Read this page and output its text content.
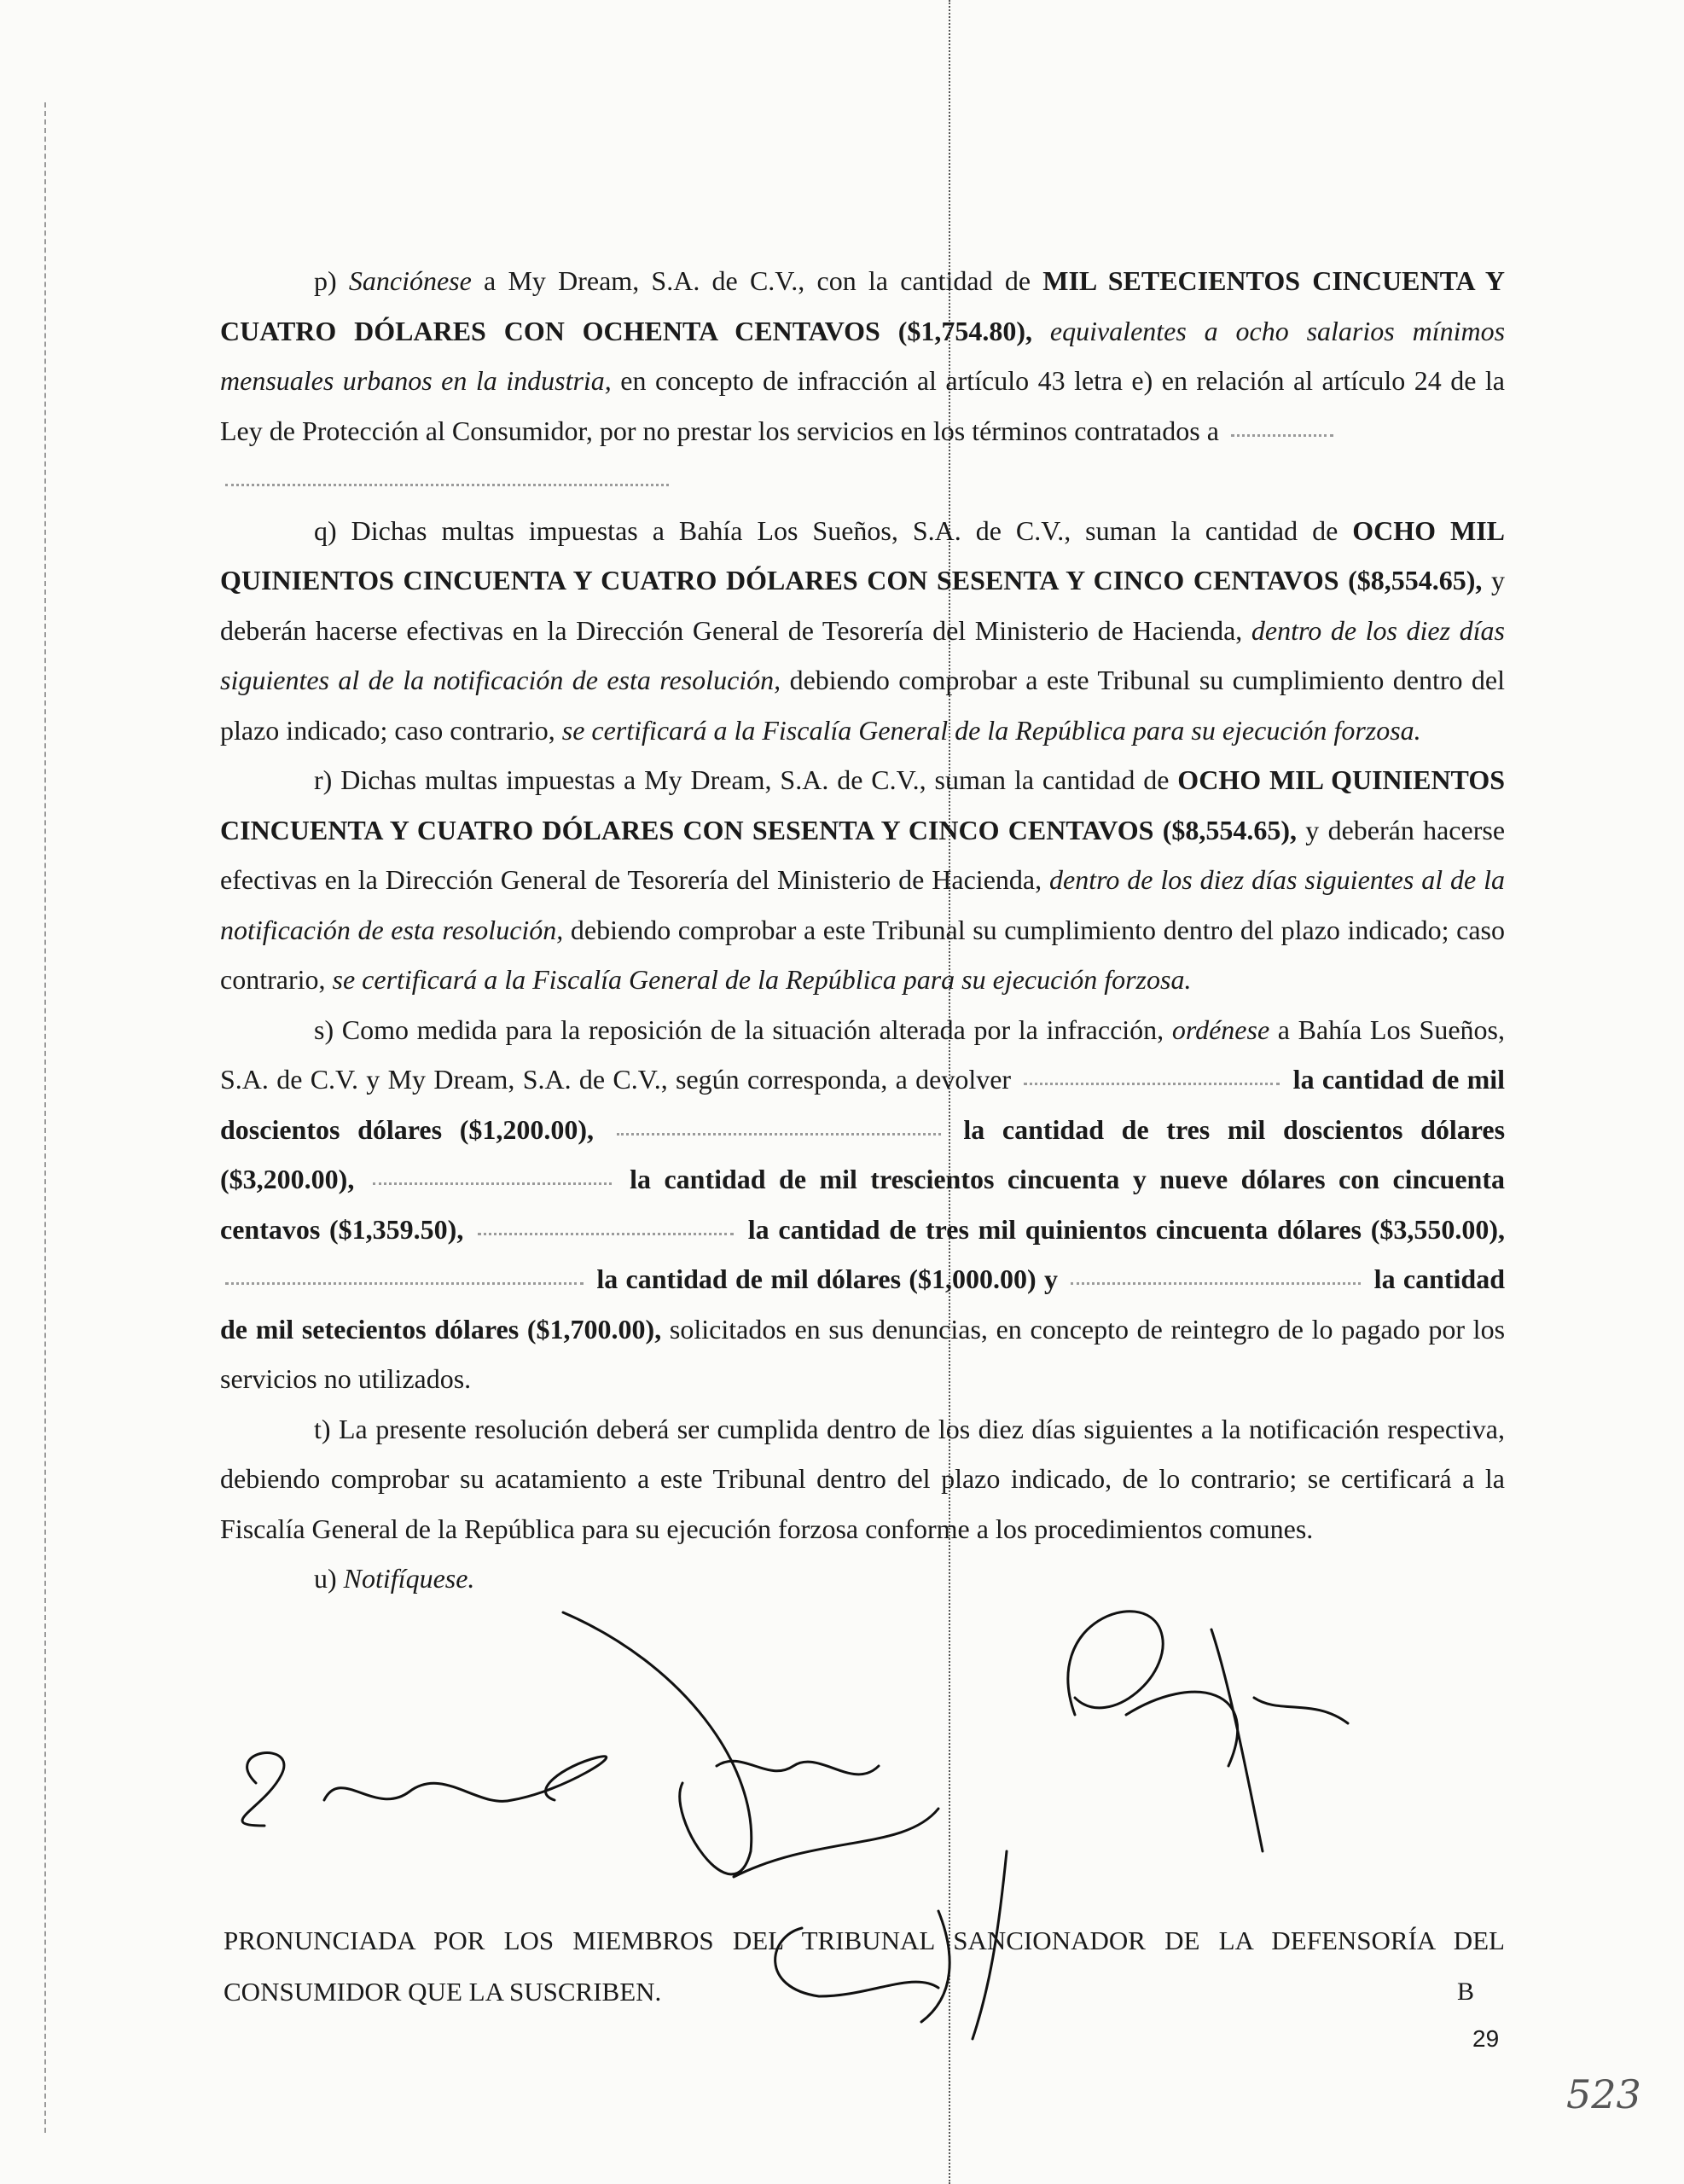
p) Sanciónese a My Dream, S.A. de C.V., con la cantidad de MIL SETECIENTOS CINCUENTA Y CUATRO DÓLARES CON OCHENTA CENTAVOS ($1,754.80), equivalentes a ocho salarios mínimos mensuales urbanos en la industria, en concepto de infracción al artículo 43 letra e) en relación al artículo 24 de la Ley de Protección al Consumidor, por no prestar los servicios en los términos contratados a

q) Dichas multas impuestas a Bahía Los Sueños, S.A. de C.V., suman la cantidad de OCHO MIL QUINIENTOS CINCUENTA Y CUATRO DÓLARES CON SESENTA Y CINCO CENTAVOS ($8,554.65), y deberán hacerse efectivas en la Dirección General de Tesorería del Ministerio de Hacienda, dentro de los diez días siguientes al de la notificación de esta resolución, debiendo comprobar a este Tribunal su cumplimiento dentro del plazo indicado; caso contrario, se certificará a la Fiscalía General de la República para su ejecución forzosa.

r) Dichas multas impuestas a My Dream, S.A. de C.V., suman la cantidad de OCHO MIL QUINIENTOS CINCUENTA Y CUATRO DÓLARES CON SESENTA Y CINCO CENTAVOS ($8,554.65), y deberán hacerse efectivas en la Dirección General de Tesorería del Ministerio de Hacienda, dentro de los diez días siguientes al de la notificación de esta resolución, debiendo comprobar a este Tribunal su cumplimiento dentro del plazo indicado; caso contrario, se certificará a la Fiscalía General de la República para su ejecución forzosa.

s) Como medida para la reposición de la situación alterada por la infracción, ordénese a Bahía Los Sueños, S.A. de C.V. y My Dream, S.A. de C.V., según corresponda, a devolver	la cantidad de mil doscientos dólares ($1,200.00),	la cantidad de tres mil doscientos dólares ($3,200.00),	la cantidad de mil trescientos cincuenta y nueve dólares con cincuenta centavos ($1,359.50),	la cantidad de tres mil quinientos cincuenta dólares ($3,550.00),  la cantidad de mil dólares ($1,000.00) y	la cantidad de mil setecientos dólares ($1,700.00), solicitados en sus denuncias, en concepto de reintegro de lo pagado por los servicios no utilizados.

t) La presente resolución deberá ser cumplida dentro de los diez días siguientes a la notificación respectiva, debiendo comprobar su acatamiento a este Tribunal dentro del plazo indicado, de lo contrario; se certificará a la Fiscalía General de la República para su ejecución forzosa conforme a los procedimientos comunes.

u) Notifíquese.

PRONUNCIADA POR LOS MIEMBROS DEL TRIBUNAL SANCIONADOR DE LA DEFENSORÍA DEL
CONSUMIDOR QUE LA SUSCRIBEN.	B
29
523
